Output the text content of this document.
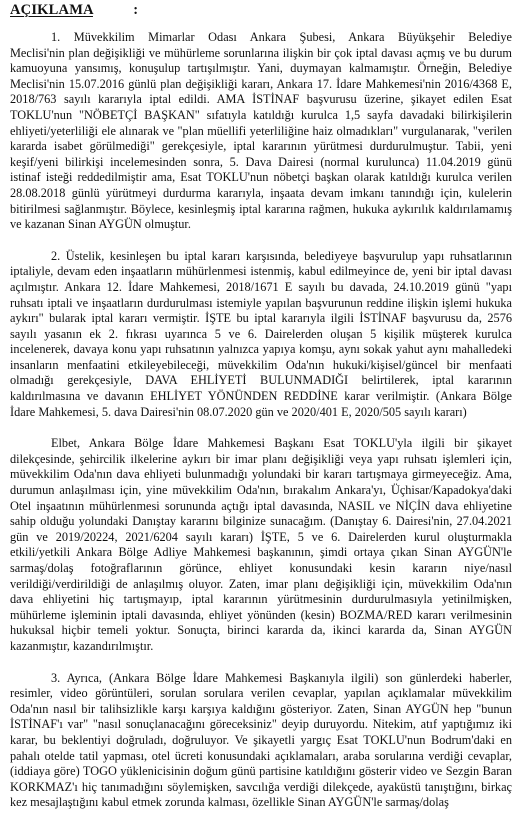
AÇIKLAMA	:
1. Müvekkilim Mimarlar Odası Ankara Şubesi, Ankara Büyükşehir Belediye
Meclisi'nin plan değişikliği ve mühürleme sorunlarına ilişkin bir çok iptal davası açmış ve bu durum
kamuoyuna yansımış, konuşulup tartışılmıştır. Yani, duymayan kalmamıştır. Örneğin, Belediye
Meclisi'nin 15.07.2016 günlü plan değişikliği kararı, Ankara 17. İdare Mahkemesi'nin 2016/4368 E,
2018/763 sayılı kararıyla iptal edildi. AMA İSTİNAF başvurusu üzerine, şikayet edilen Esat
TOKLU'nun "NÖBETÇİ BAŞKAN" sıfatıyla katıldığı kurulca 1,5 sayfa davadaki bilirkişilerin
ehliyeti/yeterliliği ele alınarak ve "plan müellifi yeterliliğine haiz olmadıkları" vurgulanarak, "verilen
kararda isabet görülmediği" gerekçesiyle, iptal kararının yürütmesi durdurulmuştur. Tabii, yeni
keşif/yeni bilirkişi incelemesinden sonra, 5. Dava Dairesi (normal kurulunca) 11.04.2019 günü
istinaf isteği reddedilmiştir ama, Esat TOKLU'nun nöbetçi başkan olarak katıldığı kurulca verilen
28.08.2018 günlü yürütmeyi durdurma kararıyla, inşaata devam imkanı tanındığı için, kulelerin
bitirilmesi sağlanmıştır. Böylece, kesinleşmiş iptal kararına rağmen, hukuka aykırılık kaldırılamamış
ve kazanan Sinan AYGÜN olmuştur.
2. Üstelik, kesinleşen bu iptal kararı karşısında, belediyeye başvurulup yapı ruhsatlarının
iptaliyle, devam eden inşaatların mühürlenmesi istenmiş, kabul edilmeyince de, yeni bir iptal davası
açılmıştır. Ankara 12. İdare Mahkemesi, 2018/1671 E sayılı bu davada, 24.10.2019 günü "yapı
ruhsatı iptali ve inşaatların durdurulması istemiyle yapılan başvurunun reddine ilişkin işlemi hukuka
aykırı" bularak iptal kararı vermiştir. İŞTE bu iptal kararıyla ilgili İSTİNAF başvurusu da, 2576
sayılı yasanın ek 2. fıkrası uyarınca 5 ve 6. Dairelerden oluşan 5 kişilik müşterek kurulca
incelenerek, davaya konu yapı ruhsatının yalnızca yapıya komşu, aynı sokak yahut aynı mahalledeki
insanların menfaatini etkileyebileceği, müvekkilim Oda'nın hukuki/kişisel/güncel bir menfaati
olmadığı gerekçesiyle, DAVA EHLİYETİ BULUNMADIĞI belirtilerek, iptal kararının
kaldırılmasına ve davanın EHLİYET YÖNÜNDEN REDDİNE karar verilmiştir. (Ankara Bölge
İdare Mahkemesi, 5. dava Dairesi'nin 08.07.2020 gün ve 2020/401 E, 2020/505 sayılı kararı)
Elbet, Ankara Bölge İdare Mahkemesi Başkanı Esat TOKLU'yla ilgili bir şikayet
dilekçesinde, şehircilik ilkelerine aykırı bir imar planı değişikliği veya yapı ruhsatı işlemleri için,
müvekkilim Oda'nın dava ehliyeti bulunmadığı yolundaki bir kararı tartışmaya girmeyeceğiz. Ama,
durumun anlaşılması için, yine müvekkilim Oda'nın, bırakalım Ankara'yı, Üçhisar/Kapadokya'daki
Otel inşaatının mühürlenmesi sorununda açtığı iptal davasında, NASIL ve NİÇİN dava ehliyetine
sahip olduğu yolundaki Danıştay kararını bilginize sunacağım. (Danıştay 6. Dairesi'nin, 27.04.2021
gün ve 2019/20224, 2021/6204 sayılı kararı) İŞTE, 5 ve 6. Dairelerden kurul oluşturmakla
etkili/yetkili Ankara Bölge Adliye Mahkemesi başkanının, şimdi ortaya çıkan Sinan AYGÜN'le
sarmaş/dolaş fotoğraflarının görünce, ehliyet konusundaki kesin kararın niye/nasıl
verildiği/verdirildiği de anlaşılmış oluyor. Zaten, imar planı değişikliği için, müvekkilim Oda'nın
dava ehliyetini hiç tartışmayıp, iptal kararının yürütmesinin durdurulmasıyla yetinilmişken,
mühürleme işleminin iptali davasında, ehliyet yönünden (kesin) BOZMA/RED kararı verilmesinin
hukuksal hiçbir temeli yoktur. Sonuçta, birinci kararda da, ikinci kararda da, Sinan AYGÜN
kazanmıştır, kazandırılmıştır.
3. Ayrıca, (Ankara Bölge İdare Mahkemesi Başkanıyla ilgili) son günlerdeki haberler,
resimler, video görüntüleri, sorulan sorulara verilen cevaplar, yapılan açıklamalar müvekkilim
Oda'nın nasıl bir talihsizlikle karşı karşıya kaldığını gösteriyor. Zaten, Sinan AYGÜN hep "bunun
İSTİNAF'ı var" "nasıl sonuçlanacağını göreceksiniz" deyip duruyordu. Nitekim, atıf yaptığımız iki
karar, bu beklentiyi doğruladı, doğruluyor. Ve şikayetli yargıç Esat TOKLU'nun Bodrum'daki en
pahalı otelde tatil yapması, otel ücreti konusundaki açıklamaları, araba sorularına verdiği cevaplar,
(iddiaya göre) TOGO yüklenicisinin doğum günü partisine katıldığını gösterir video ve Sezgin Baran
KORKMAZ'ı hiç tanımadığını söylemişken, savcılığa verdiği dilekçede, ayaküstü tanıştığını, birkaç
kez mesajlaştığını kabul etmek zorunda kalması, özellikle Sinan AYGÜN'le sarmaş/dolaş
